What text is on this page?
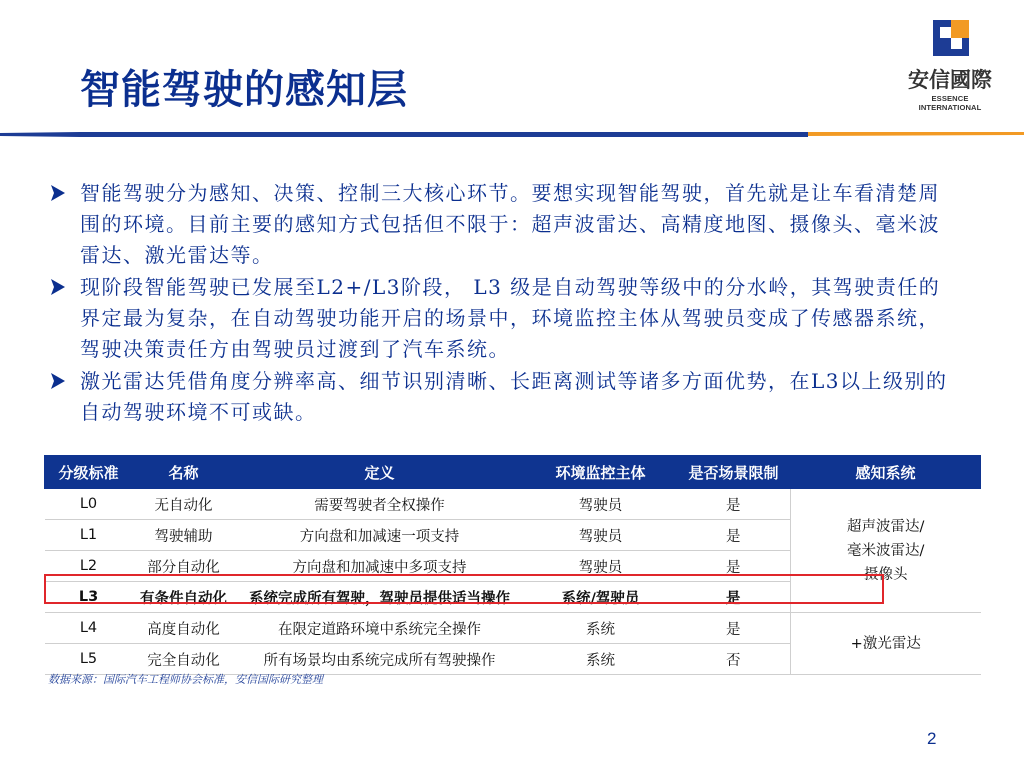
智能驾驶的感知层	安信國際
ESSENCE INTERNATIONAL
智能驾驶分为感知、决策、控制三大核心环节。要想实现智能驾驶，首先就是让车看清楚周围的环境。目前主要的感知方式包括但不限于：超声波雷达、高精度地图、摄像头、毫米波雷达、激光雷达等。
现阶段智能驾驶已发展至L2+/L3阶段， L3 级是自动驾驶等级中的分水岭，其驾驶责任的界定最为复杂，在自动驾驶功能开启的场景中，环境监控主体从驾驶员变成了传感器系统，驾驶决策责任方由驾驶员过渡到了汽车系统。
激光雷达凭借角度分辨率高、细节识别清晰、长距离测试等诸多方面优势，在L3以上级别的自动驾驶环境不可或缺。
分级标准	名称	定义	环境监控主体	是否场景限制	感知系统
L0	无自动化	需要驾驶者全权操作	驾驶员	是	超声波雷达/
毫米波雷达/
摄像头

L1	驾驶辅助	方向盘和加减速一项支持	驾驶员	是	
L2	部分自动化	方向盘和加减速中多项支持	驾驶员	是	
L3	有条件自动化	系统完成所有驾驶，驾驶员提供适当操作	系统/驾驶员	是	
L4	高度自动化	在限定道路环境中系统完全操作	系统	是	+激光雷达

L5	完全自动化	所有场景均由系统完成所有驾驶操作	系统	否	
数据来源：国际汽车工程师协会标准，安信国际研究整理
2
